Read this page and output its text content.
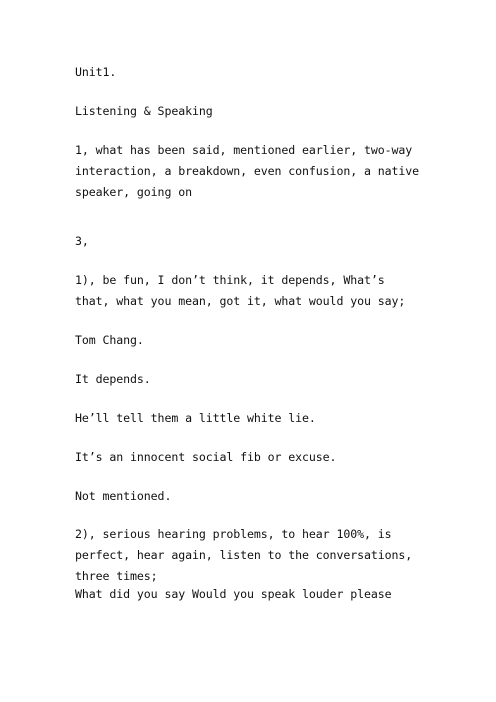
Unit1.

Listening & Speaking

1, what has been said, mentioned earlier, two-way interaction, a breakdown, even confusion, a native speaker, going on

3,

1), be fun, I don’t think, it depends, What’s that, what you mean, got it, what would you say;

Tom Chang.

It depends.

He’ll tell them a little white lie.

It’s an innocent social fib or excuse.

Not mentioned.

2), serious hearing problems, to hear 100%, is perfect, hear again, listen to the conversations, three times;

What did you say Would you speak louder please
